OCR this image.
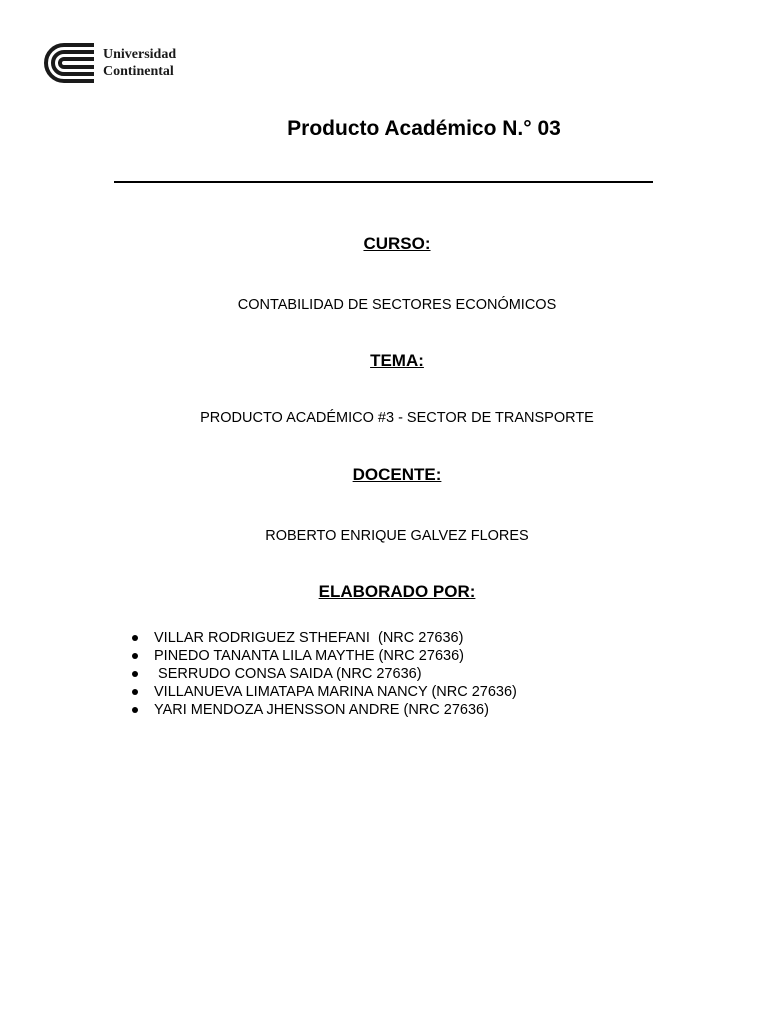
Universidad
Continental
Producto Académico N.° 03
CURSO:

CONTABILIDAD DE SECTORES ECONÓMICOS

TEMA:

PRODUCTO ACADÉMICO #3 - SECTOR DE TRANSPORTE

DOCENTE:

ROBERTO ENRIQUE GALVEZ FLORES

ELABORADO POR:
VILLAR RODRIGUEZ STHEFANI  (NRC 27636)
PINEDO TANANTA LILA MAYTHE (NRC 27636)
SERRUDO CONSA SAIDA (NRC 27636)
VILLANUEVA LIMATAPA MARINA NANCY (NRC 27636)
YARI MENDOZA JHENSSON ANDRE (NRC 27636)
